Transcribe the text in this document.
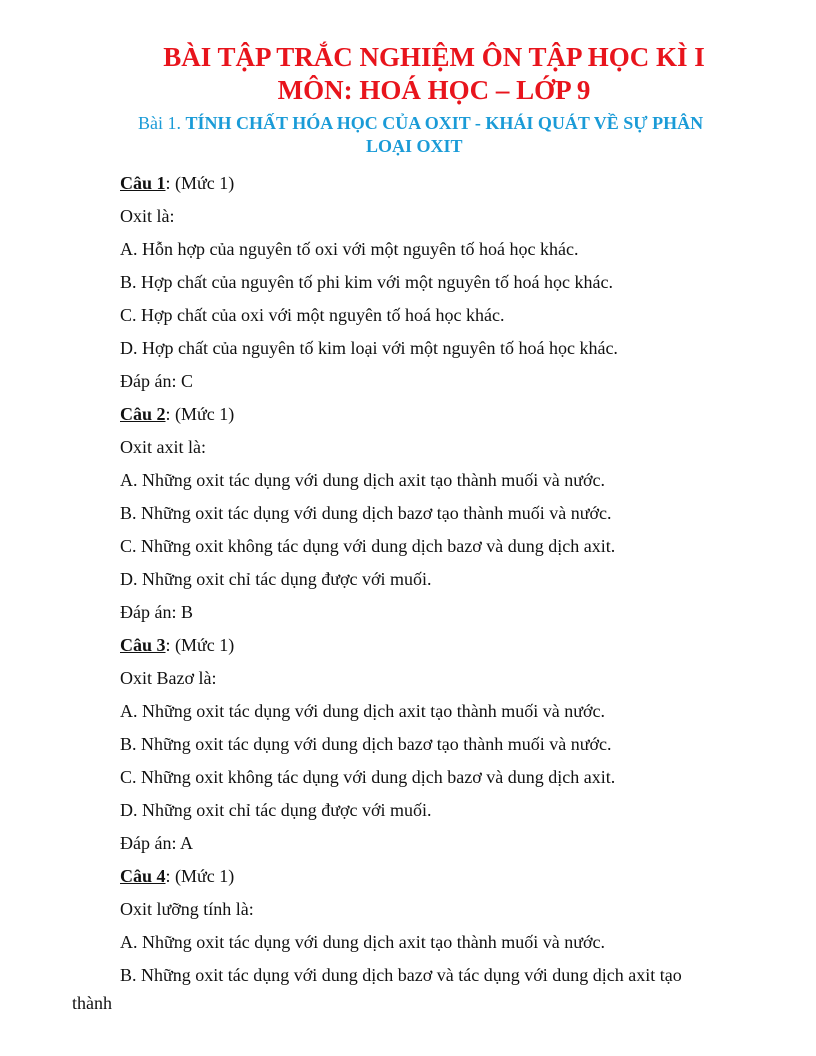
BÀI TẬP TRẮC NGHIỆM ÔN TẬP HỌC KÌ I
MÔN: HOÁ HỌC – LỚP 9

Bài 1. TÍNH CHẤT HÓA HỌC CỦA OXIT - KHÁI QUÁT VỀ SỰ PHÂN

LOẠI OXIT

Câu 1: (Mức 1)

Oxit là:

A. Hỗn hợp của nguyên tố oxi với một nguyên tố hoá học khác.

B. Hợp chất của nguyên tố phi kim với một nguyên tố hoá học khác.

C. Hợp chất của oxi với một nguyên tố hoá học khác.

D. Hợp chất của nguyên tố kim loại với một nguyên tố hoá học khác.

Đáp án: C

Câu 2: (Mức 1)

Oxit axit là:

A. Những oxit tác dụng với dung dịch axit tạo thành muối và nước.

B. Những oxit tác dụng với dung dịch bazơ tạo thành muối và nước.

C. Những oxit không tác dụng với dung dịch bazơ và dung dịch axit.

D. Những oxit chỉ tác dụng được với muối.

Đáp án: B

Câu 3: (Mức 1)

Oxit Bazơ là:

A. Những oxit tác dụng với dung dịch axit tạo thành muối và nước.

B. Những oxit tác dụng với dung dịch bazơ tạo thành muối và nước.

C. Những oxit không tác dụng với dung dịch bazơ và dung dịch axit.

D. Những oxit chỉ tác dụng được với muối.

Đáp án: A

Câu 4: (Mức 1)

Oxit lưỡng tính là:

A. Những oxit tác dụng với dung dịch axit tạo thành muối và nước.

B. Những oxit tác dụng với dung dịch bazơ và tác dụng với dung dịch axit tạo

thành
